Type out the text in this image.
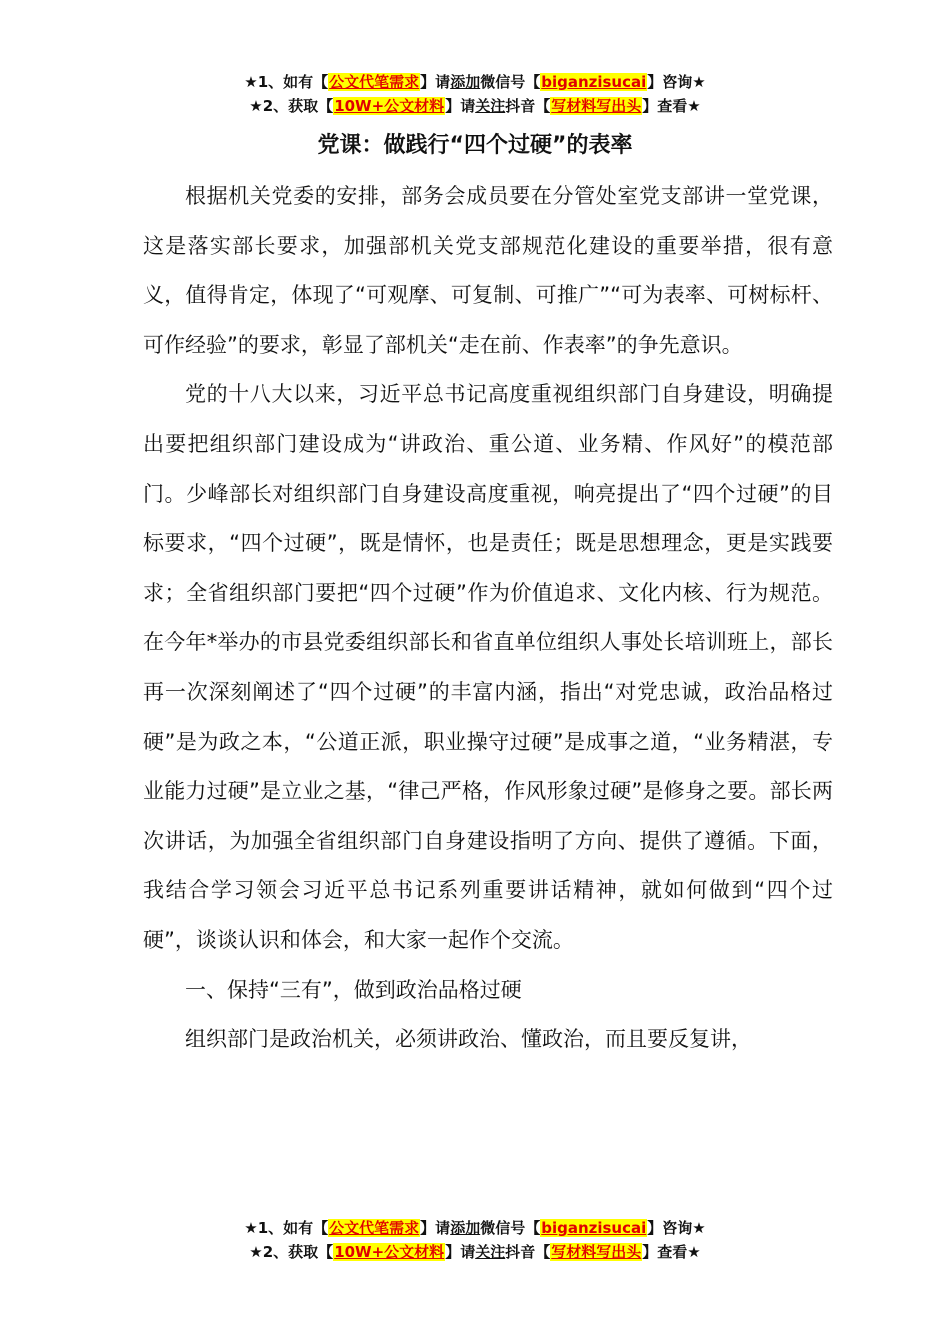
★1、如有【公文代笔需求】请添加微信号【biganzisucai】咨询★
★2、获取【10W+公文材料】请关注抖音【写材料写出头】查看★
党课：做践行“四个过硬”的表率

根据机关党委的安排，部务会成员要在分管处室党支部讲一堂党课，这是落实部长要求，加强部机关党支部规范化建设的重要举措，很有意义，值得肯定，体现了“可观摩、可复制、可推广”“可为表率、可树标杆、可作经验”的要求，彰显了部机关“走在前、作表率”的争先意识。

党的十八大以来，习近平总书记高度重视组织部门自身建设，明确提出要把组织部门建设成为“讲政治、重公道、业务精、作风好”的模范部门。少峰部长对组织部门自身建设高度重视，响亮提出了“四个过硬”的目标要求，“四个过硬”，既是情怀，也是责任；既是思想理念，更是实践要求；全省组织部门要把“四个过硬”作为价值追求、文化内核、行为规范。在今年*举办的市县党委组织部长和省直单位组织人事处长培训班上，部长再一次深刻阐述了“四个过硬”的丰富内涵，指出“对党忠诚，政治品格过硬”是为政之本，“公道正派，职业操守过硬”是成事之道，“业务精湛，专业能力过硬”是立业之基，“律己严格，作风形象过硬”是修身之要。部长两次讲话，为加强全省组织部门自身建设指明了方向、提供了遵循。下面，我结合学习领会习近平总书记系列重要讲话精神，就如何做到“四个过硬”，谈谈认识和体会，和大家一起作个交流。

一、保持“三有”，做到政治品格过硬

组织部门是政治机关，必须讲政治、懂政治，而且要反复讲，

★1、如有【公文代笔需求】请添加微信号【biganzisucai】咨询★
★2、获取【10W+公文材料】请关注抖音【写材料写出头】查看★
